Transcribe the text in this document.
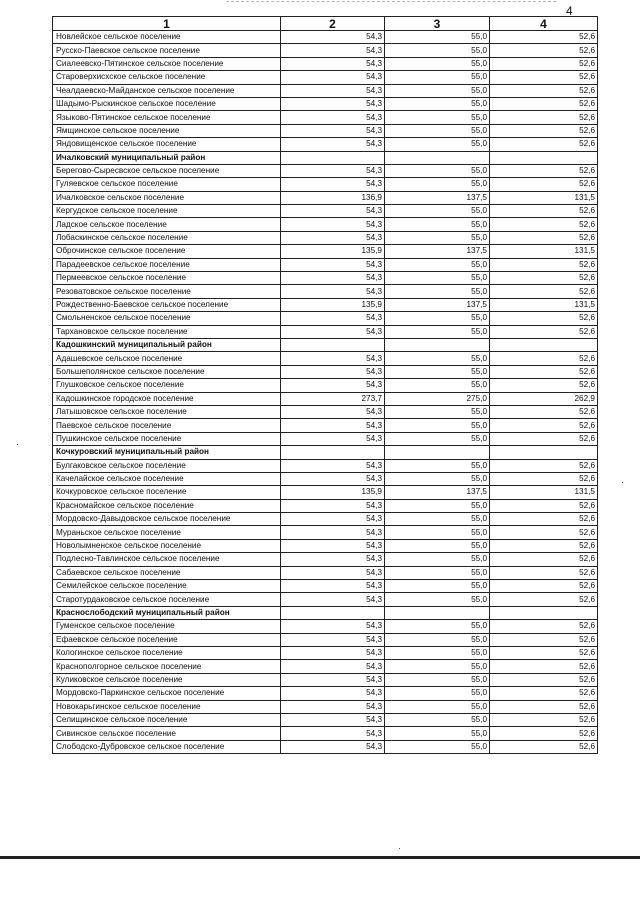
4
1	2	3	4
Новлейское сельское поселение	54,3	55,0	52,6
Русско-Паевское сельское поселение	54,3	55,0	52,6
Сиалеевско-Пятинское сельское поселение	54,3	55,0	52,6
Староверхисхское сельское поселение	54,3	55,0	52,6
Чеалдаевско-Майданское сельское поселение	54,3	55,0	52,6
Шадымо-Рыскинское сельское поселение	54,3	55,0	52,6
Языково-Пятинское сельское поселение	54,3	55,0	52,6
Ямщинское сельское поселение	54,3	55,0	52,6
Яндовищенское сельское поселение	54,3	55,0	52,6
Ичалковский муниципальный район			
Берегово-Сыресвское сельское поселение	54,3	55,0	52,6
Гуляевское сельское поселение	54,3	55,0	52,6
Ичалковское сельское поселение	136,9	137,5	131,5
Кергудское сельское поселение	54,3	55,0	52,6
Ладское сельское поселение	54,3	55,0	52,6
Лобаскинское сельское поселение	54,3	55,0	52,6
Оброчинское сельское поселение	135,9	137,5	131,5
Парадеевское сельское поселение	54,3	55,0	52,6
Пермеевское сельское поселение	54,3	55,0	52,6
Резоватовское сельское поселение	54,3	55,0	52,6
Рождественно-Баевское сельское поселение	135,9	137,5	131,5
Смольненское сельское поселение	54,3	55,0	52,6
Тархановское сельское поселение	54,3	55,0	52,6
Кадошкинский муниципальный район			
Адашевское сельское поселение	54,3	55,0	52,6
Большеполянское сельское поселение	54,3	55,0	52,6
Глушковское сельское поселение	54,3	55,0	52,6
Кадошкинское городское поселение	273,7	275,0	262,9
Латышовское сельское поселение	54,3	55,0	52,6
Паевское сельское поселение	54,3	55,0	52,6
Пушкинское сельское поселение	54,3	55,0	52,6
Кочкуровский муниципальный район			
Булгаковское сельское поселение	54,3	55,0	52,6
Качелайское сельское поселение	54,3	55,0	52,6
Кочкуровское сельское поселение	135,9	137,5	131,5
Красномайское сельское поселение	54,3	55,0	52,6
Мордовско-Давыдовское сельское поселение	54,3	55,0	52,6
Мураньское сельское поселение	54,3	55,0	52,6
Новолымненское сельское поселение	54,3	55,0	52,6
Подлесно-Тавлинское сельское поселение	54,3	55,0	52,6
Сабаевское сельское поселение	54,3	55,0	52,6
Семилейское сельское поселение	54,3	55,0	52,6
Старотурдаковское сельское поселение	54,3	55,0	52,6
Краснослободский муниципальный район			
Гуменское сельское поселение	54,3	55,0	52,6
Ефаевское сельское поселение	54,3	55,0	52,6
Кологинское сельское поселение	54,3	55,0	52,6
Краснополгорное сельское поселение	54,3	55,0	52,6
Куликовское сельское поселение	54,3	55,0	52,6
Мордовско-Паркинское сельское поселение	54,3	55,0	52,6
Новокарьгинское сельское поселение	54,3	55,0	52,6
Селищинское сельское поселение	54,3	55,0	52,6
Сивинское сельское поселение	54,3	55,0	52,6
Слободско-Дубровское сельское поселение	54,3	55,0	52,6
